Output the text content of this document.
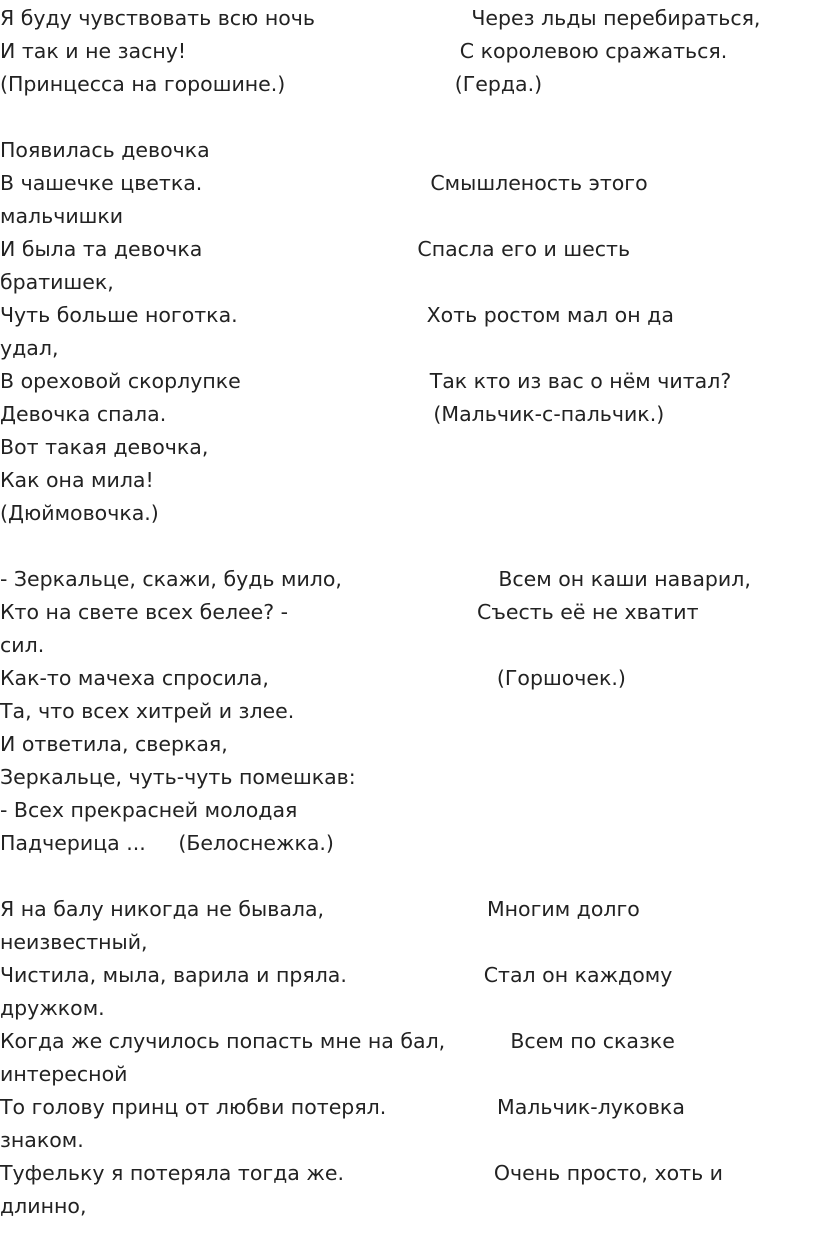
Я буду чувствовать всю ночь                        Через льды перебираться,
И так и не засну!                                          С королевою сражаться.
(Принцесса на горошине.)                          (Герда.)
Появилась девочка
В чашечке цветка.                                   Смышленость этого
мальчишки
И была та девочка                                 Спасла его и шесть
братишек,
Чуть больше ноготка.                             Хоть ростом мал он да
удал,
В ореховой скорлупке                             Так кто из вас о нём читал?
Девочка спала.                                         (Мальчик-с-пальчик.)
Вот такая девочка,
Как она мила!
(Дюймовочка.)
- Зеркальце, скажи, будь мило,                        Всем он каши наварил,
Кто на свете всех белее? -                             Съесть её не хватит
сил.
Как-то мачеха спросила,                                   (Горшочек.)
Та, что всех хитрей и злее.
И ответила, сверкая,
Зеркальце, чуть-чуть помешкав:
- Всех прекрасней молодая
Падчерица ...     (Белоснежка.)
Я на балу никогда не бывала,                         Многим долго
неизвестный,
Чистила, мыла, варила и пряла.                     Стал он каждому
дружком.
Когда же случилось попасть мне на бал,          Всем по сказке
интересной
То голову принц от любви потерял.                 Мальчик-луковка
знаком.
Туфельку я потеряла тогда же.                       Очень просто, хоть и
длинно,
